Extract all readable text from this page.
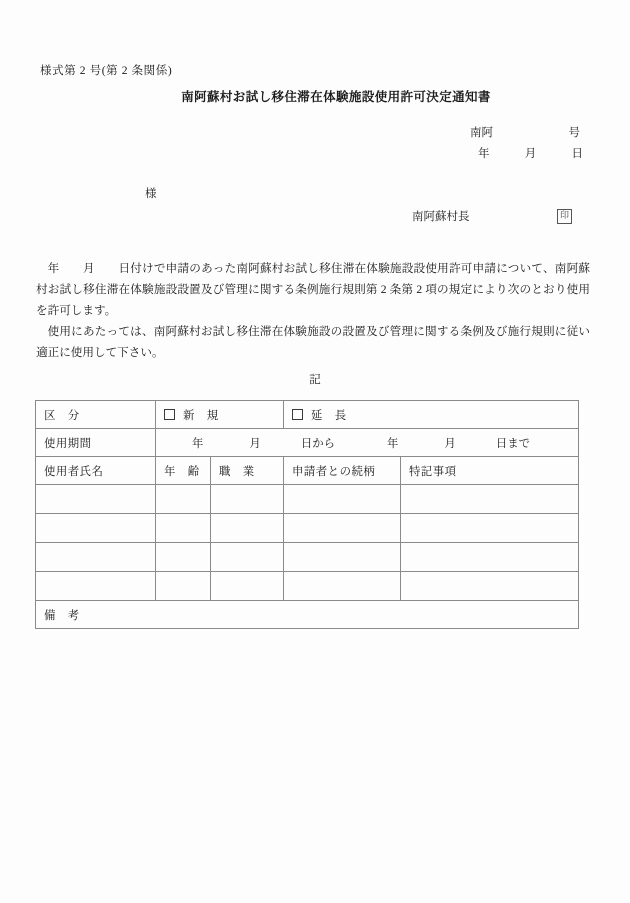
様式第 2 号(第 2 条関係)
南阿蘇村お試し移住滞在体験施設使用許可決定通知書
南阿	号
年	月	日
様
南阿蘇村長	印

年　　月　　日付けで申請のあった南阿蘇村お試し移住滞在体験施設設使用許可申請について、南阿蘇村お試し移住滞在体験施設設置及び管理に関する条例施行規則第 2 条第 2 項の規定により次のとおり使用を許可します。

使用にあたっては、南阿蘇村お試し移住滞在体験施設の設置及び管理に関する条例及び施行規則に従い適正に使用して下さい。

記
区　分	新　規		延　長	
使用期間	年	月	日から	年	月	日まで

使用者氏名	年　齢	職　業	申請者との続柄	特記事項

備　考				
